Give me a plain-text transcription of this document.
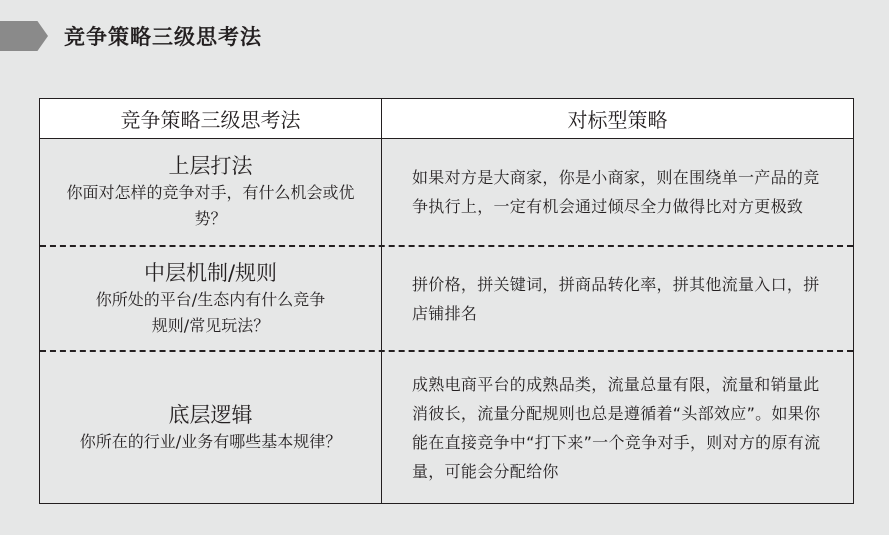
竞争策略三级思考法
竞争策略三级思考法	对标型策略
上层打法
你面对怎样的竞争对手，有什么机会或优势？
如果对方是大商家，你是小商家，则在围绕单一产品的竞争执行上，一定有机会通过倾尽全力做得比对方更极致
中层机制/规则
你所处的平台/生态内有什么竞争规则/常见玩法？
拼价格，拼关键词，拼商品转化率，拼其他流量入口，拼店铺排名
底层逻辑
你所在的行业/业务有哪些基本规律？
成熟电商平台的成熟品类，流量总量有限，流量和销量此消彼长，流量分配规则也总是遵循着“头部效应”。如果你能在直接竞争中“打下来”一个竞争对手，则对方的原有流量，可能会分配给你
